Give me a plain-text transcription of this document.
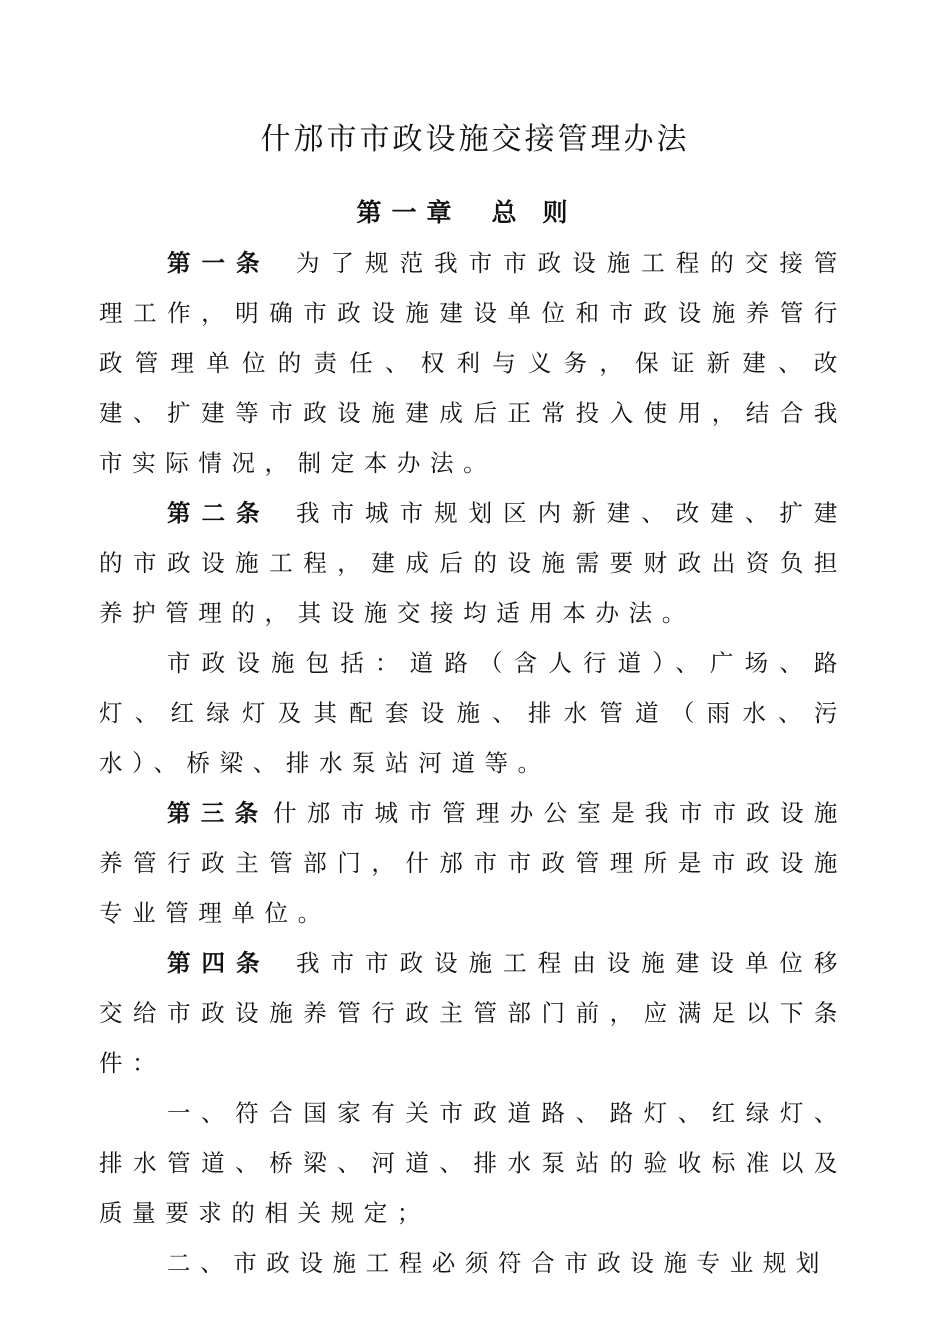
什邡市市政设施交接管理办法
第一章 总则

第一条 为了规范我市市政设施工程的交接管理工作，明确市政设施建设单位和市政设施养管行政管理单位的责任、权利与义务，保证新建、改建、扩建等市政设施建成后正常投入使用，结合我市实际情况，制定本办法。

第二条 我市城市规划区内新建、改建、扩建的市政设施工程，建成后的设施需要财政出资负担养护管理的，其设施交接均适用本办法。

市政设施包括：道路（含人行道）、广场、路灯、红绿灯及其配套设施、排水管道（雨水、污水）、桥梁、排水泵站河道等。

第三条 什邡市城市管理办公室是我市市政设施养管行政主管部门，什邡市市政管理所是市政设施专业管理单位。

第四条 我市市政设施工程由设施建设单位移交给市政设施养管行政主管部门前，应满足以下条件：

一、符合国家有关市政道路、路灯、红绿灯、排水管道、桥梁、河道、排水泵站的验收标准以及质量要求的相关规定；

二、市政设施工程必须符合市政设施专业规划
